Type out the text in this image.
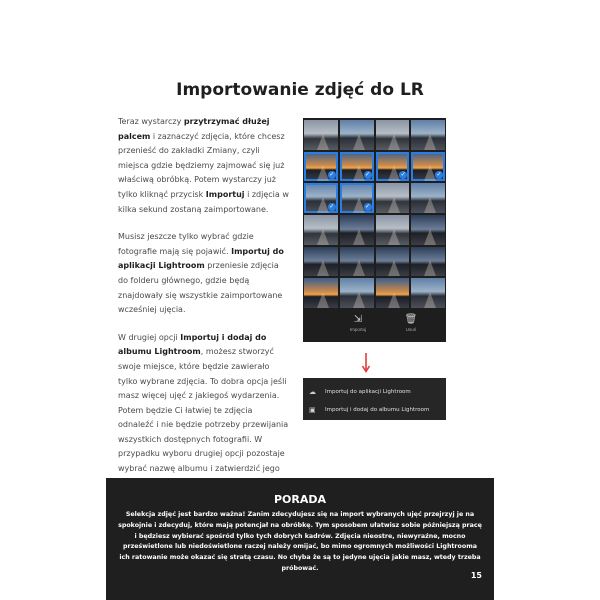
Importowanie zdjęć do LR

Teraz wystarczy przytrzymać dłużej palcem i zaznaczyć zdjęcia, które chcesz przenieść do zakładki Zmiany, czyli miejsca gdzie będziemy zajmować się już właściwą obróbką. Potem wystarczy już tylko kliknąć przycisk Importuj i zdjęcia w kilka sekund zostaną zaimportowane.

Musisz jeszcze tylko wybrać gdzie fotografie mają się pojawić. Importuj do aplikacji Lightroom przeniesie zdjęcia do folderu głównego, gdzie będą znajdowały się wszystkie zaimportowane wcześniej ujęcia.

W drugiej opcji Importuj i dodaj do albumu Lightroom, możesz stworzyć swoje miejsce, które będzie zawierało tylko wybrane zdjęcia. To dobra opcja jeśli masz więcej ujęć z jakiegoś wydarzenia. Potem będzie Ci łatwiej te zdjęcia odnaleźć i nie będzie potrzeby przewijania wszystkich dostępnych fotografii. W przypadku wyboru drugiej opcji pozostaje wybrać nazwę albumu i zatwierdzić jego

✓	✓	✓	✓
✓	✓
⇲
Importuj
🗑
Usuń
☁	Importuj do aplikacji Lightroom
▣	Importuj i dodaj do albumu Lightroom
PORADA
Selekcja zdjęć jest bardzo ważna! Zanim zdecydujesz się na import wybranych ujęć przejrzyj je na spokojnie i zdecyduj, które mają potencjał na obróbkę. Tym sposobem ułatwisz sobie późniejszą pracę i będziesz wybierać spośród tylko tych dobrych kadrów. Zdjęcia nieostre, niewyraźne, mocno prześwietlone lub niedoświetlone raczej należy omijać, bo mimo ogromnych możliwości Lightrooma ich ratowanie może okazać się stratą czasu. No chyba że są to jedyne ujęcia jakie masz, wtedy trzeba próbować.
15
